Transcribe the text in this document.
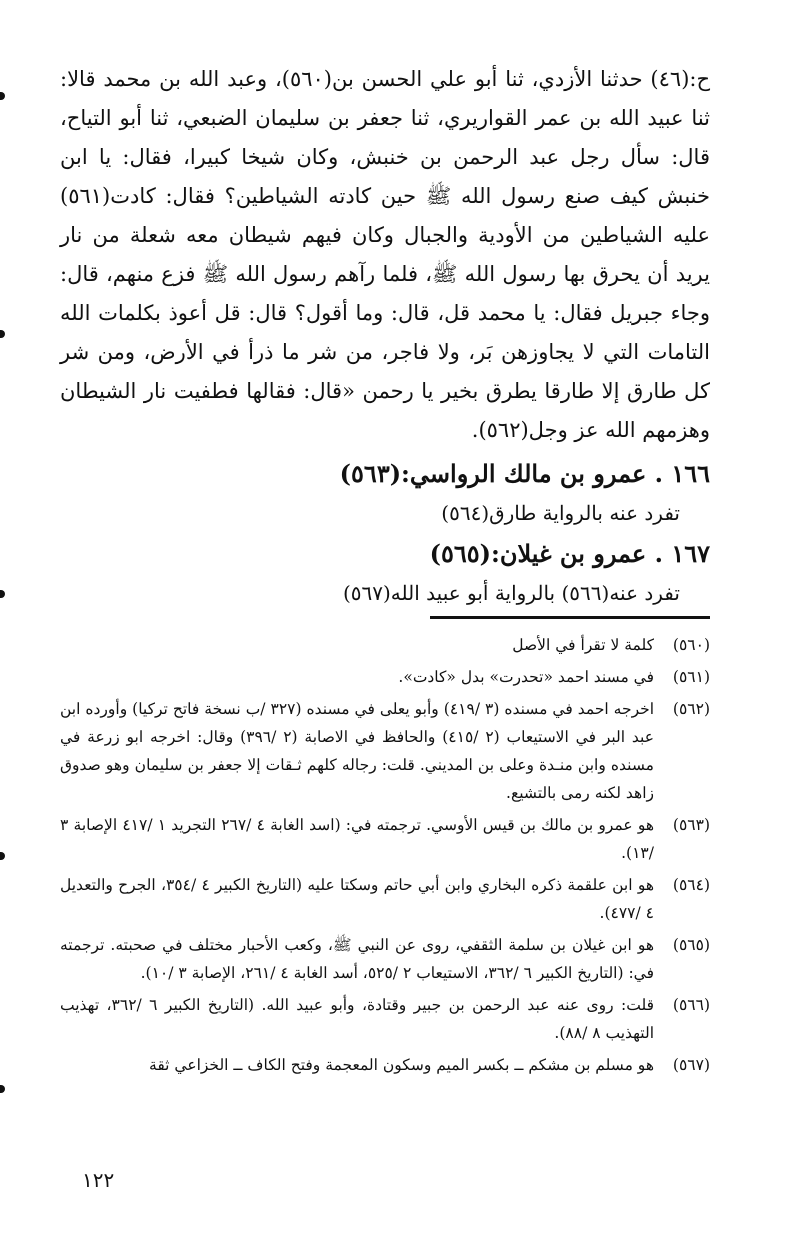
ح:(٤٦) حدثنا الأزدي، ثنا أبو علي الحسن بن(٥٦٠)، وعبد الله بن محمد قالا: ثنا عبيد الله بن عمر القواريري، ثنا جعفر بن سليمان الضبعي، ثنا أبو التياح، قال: سأل رجل عبد الرحمن بن خنبش، وكان شيخا كبيرا، فقال: يا ابن خنبش كيف صنع رسول الله ﷺ حين كادته الشياطين؟ فقال: كادت(٥٦١) عليه الشياطين من الأودية والجبال وكان فيهم شيطان معه شعلة من نار يريد أن يحرق بها رسول الله ﷺ، فلما رآهم رسول الله ﷺ فزع منهم، قال: وجاء جبريل فقال: يا محمد قل، قال: وما أقول؟ قال: قل أعوذ بكلمات الله التامات التي لا يجاوزهن بَر، ولا فاجر، من شر ما ذرأ في الأرض، ومن شر كل طارق إلا طارقا يطرق بخير يا رحمن «قال: فقالها فطفيت نار الشيطان وهزمهم الله عز وجل(٥٦٢).

١٦٦ . عمرو بن مالك الرواسي:(٥٦٣)
تفرد عنه بالرواية طارق(٥٦٤)
١٦٧ . عمرو بن غيلان:(٥٦٥)
تفرد عنه(٥٦٦) بالرواية أبو عبيد الله(٥٦٧)
(٥٦٠)
كلمة لا تقرأ في الأصل
(٥٦١)
في مسند احمد «تحدرت» بدل «كادت».
(٥٦٢)
اخرجه احمد في مسنده (٣ /٤١٩) وأبو يعلى في مسنده (٣٢٧ /ب نسخة فاتح تركيا) وأورده ابن عبد البر في الاستيعاب (٢ /٤١٥) والحافظ في الاصابة (٢ /٣٩٦) وقال: اخرجه ابو زرعة في مسنده وابن منـدة وعلى بن المديني. قلت: رجاله كلهم ثـقات إلا جعفر بن سليمان وهو صدوق زاهد لكنه رمى بالتشيع.
(٥٦٣)
هو عمرو بن مالك بن قيس الأوسي. ترجمته في: (اسد الغابة ٤ /٢٦٧ التجريد ١ /٤١٧ الإصابة ٣ /١٣).
(٥٦٤)
هو ابن علقمة ذكره البخاري وابن أبي حاتم وسكتا عليه (التاريخ الكبير ٤ /٣٥٤، الجرح والتعديل ٤ /٤٧٧).
(٥٦٥)
هو ابن غيلان بن سلمة الثقفي، روى عن النبي ﷺ، وكعب الأحبار مختلف في صحبته. ترجمته في: (التاريخ الكبير ٦ /٣٦٢، الاستيعاب ٢ /٥٢٥، أسد الغابة ٤ /٢٦١، الإصابة ٣ /١٠).
(٥٦٦)
قلت: روى عنه عبد الرحمن بن جبير وقتادة، وأبو عبيد الله. (التاريخ الكبير ٦ /٣٦٢، تهذيب التهذيب ٨ /٨٨).
(٥٦٧)
هو مسلم بن مشكم ــ بكسر الميم وسكون المعجمة وفتح الكاف ــ الخزاعي ثقة
١٢٢
